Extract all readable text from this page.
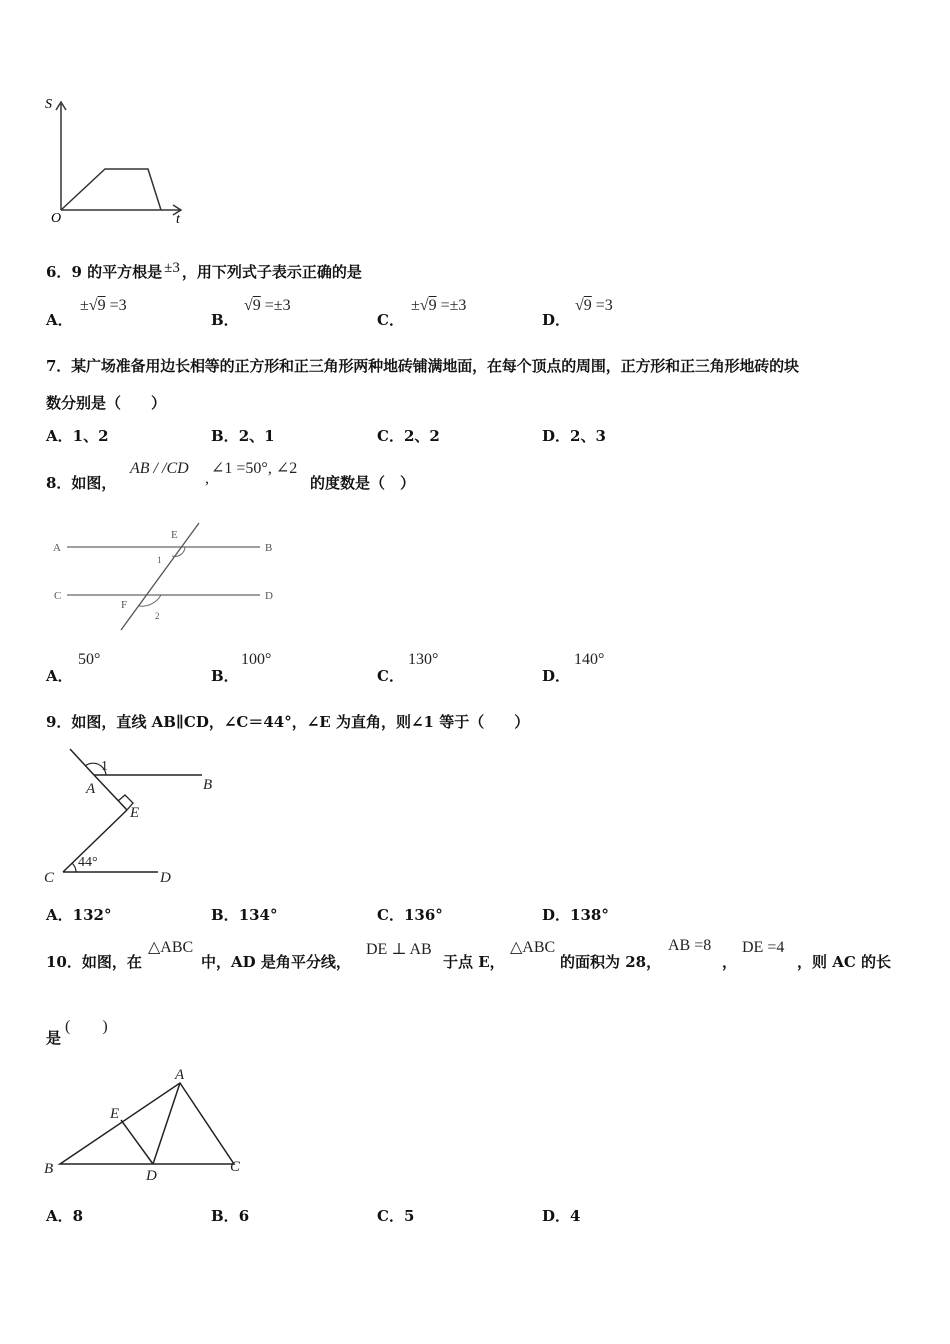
S
O	t
6．9 的平方根是 ±3 ，用下列式子表示正确的是
A．
±√9 =3
B．
√9 =±3
C．
±√9 =±3
D．
√9 =3
7．某广场准备用边长相等的正方形和正三角形两种地砖铺满地面，在每个顶点的周围，正方形和正三角形地砖的块
数分别是（　　）
A．1、2	B．2、1	C．2、2	D．2、3
8．如图，
AB / /CD
,
∠1 =50°, ∠2
的度数是（　）
A	B
C	D
E
F
1
2
A．
50°
B．
100°
C．
130°
D．
140°
9．如图，直线 AB∥CD，∠C＝44°，∠E 为直角，则∠1 等于（　　）
1
A	B
E
C	D
44°
A．132°	B．134°	C．136°	D．138°
10．如图，在
△ABC
中，AD 是角平分线，
DE ⊥ AB
于点 E，
△ABC
的面积为 28，
AB =8
，
DE =4
，则 AC 的长
是
(　　)
A
E
B	D
C
A．8	B．6	C．5	D．4
